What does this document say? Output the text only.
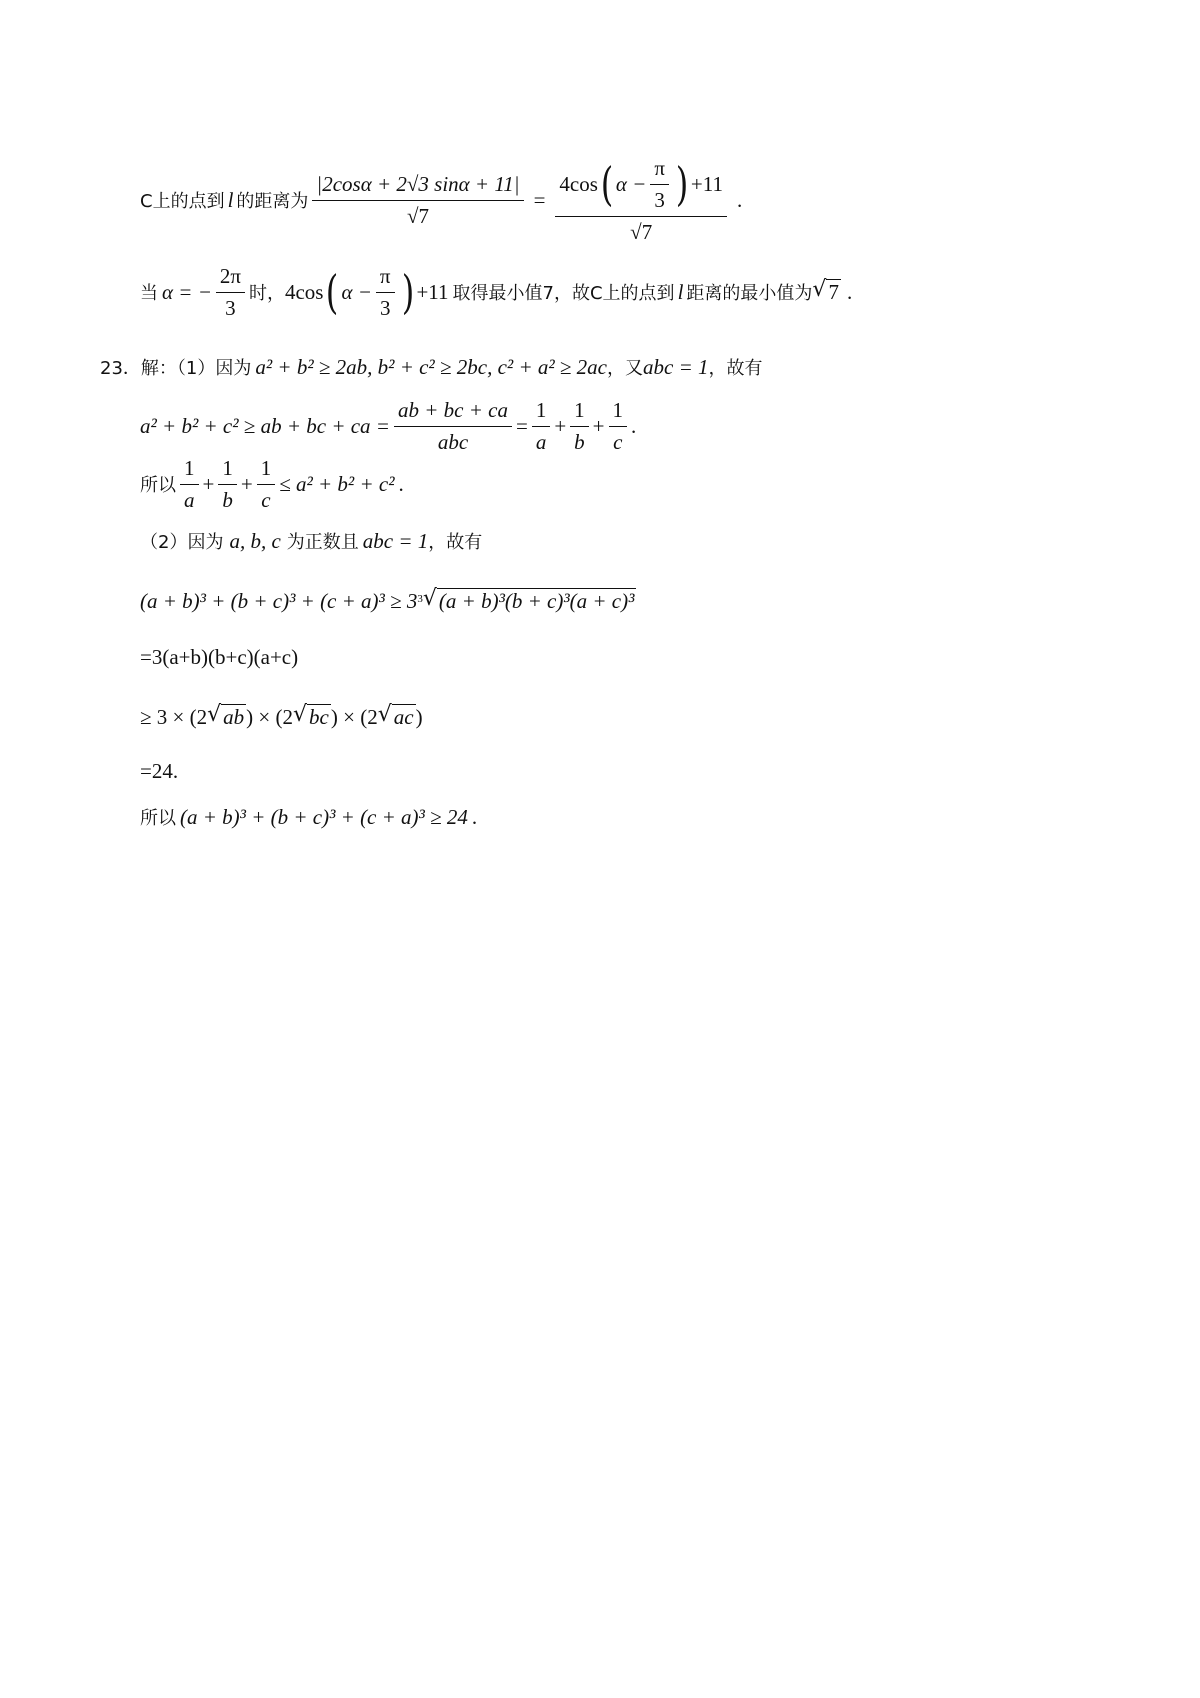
C上的点到 l 的距离为 $\frac{|2\cos\alpha + 2√3 \sin\alpha + 11|}{√7}$ =
4cos ( $\alpha - \frac{\pi}{3}$ ) +11
√7
.
当 α = − $\frac{2\pi}{3}$ 时， 4cos ( $\alpha - \frac{\pi}{3}$ ) +11 取得最小值7，故C上的点到 l 距离的最小值为 √ 7 .
23．解：（1）因为 a² + b² ≥ 2ab, b² + c² ≥ 2bc, c² + a² ≥ 2ac ，又 abc = 1 ，故有
a² + b² + c² ≥ ab + bc + ca = $\frac{ab + bc + ca}{\text{abc}} = \frac{1}{a} + \frac{1}{b} + \frac{1}{c}$ .
所以 $\frac{1}{a} + \frac{1}{b} + \frac{1}{c} \le a^2 + b^2 + c^2$ .
（2）因为 a, b, c 为正数且 abc = 1 ，故有
(a + b)³ + (b + c)³ + (c + a)³ ≥ 3 3 √ (a + b)³(b + c)³(a + c)³
=3(a+b)(b+c)(a+c)
≥ 3 × (2 √ ab ) × (2 √ bc ) × (2 √ ac )
=24.
所以 (a + b)³ + (b + c)³ + (c + a)³ ≥ 24 .
